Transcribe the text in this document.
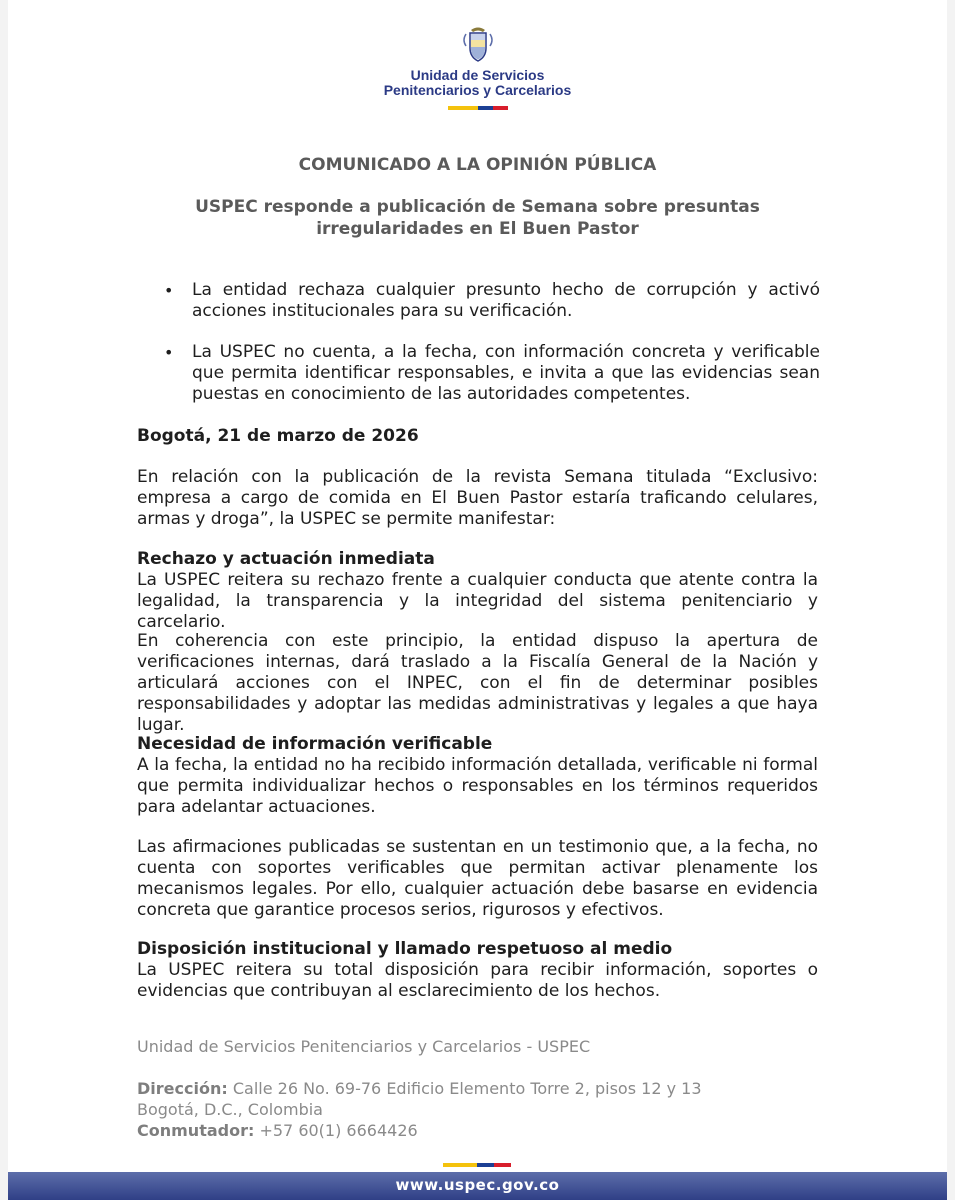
Unidad de Servicios
Penitenciarios y Carcelarios
COMUNICADO A LA OPINIÓN PÚBLICA
USPEC responde a publicación de Semana sobre presuntas irregularidades en El Buen Pastor
• La entidad rechaza cualquier presunto hecho de corrupción y activó acciones institucionales para su verificación.
• La USPEC no cuenta, a la fecha, con información concreta y verificable que permita identificar responsables, e invita a que las evidencias sean puestas en conocimiento de las autoridades competentes.
Bogotá, 21 de marzo de 2026
En relación con la publicación de la revista Semana titulada “Exclusivo: empresa a cargo de comida en El Buen Pastor estaría traficando celulares, armas y droga”, la USPEC se permite manifestar:

Rechazo y actuación inmediata

La USPEC reitera su rechazo frente a cualquier conducta que atente contra la legalidad, la transparencia y la integridad del sistema penitenciario y carcelario.

En coherencia con este principio, la entidad dispuso la apertura de verificaciones internas, dará traslado a la Fiscalía General de la Nación y articulará acciones con el INPEC, con el fin de determinar posibles responsabilidades y adoptar las medidas administrativas y legales a que haya lugar.

Necesidad de información verificable

A la fecha, la entidad no ha recibido información detallada, verificable ni formal que permita individualizar hechos o responsables en los términos requeridos para adelantar actuaciones.

Las afirmaciones publicadas se sustentan en un testimonio que, a la fecha, no cuenta con soportes verificables que permitan activar plenamente los mecanismos legales. Por ello, cualquier actuación debe basarse en evidencia concreta que garantice procesos serios, rigurosos y efectivos.

Disposición institucional y llamado respetuoso al medio

La USPEC reitera su total disposición para recibir información, soportes o evidencias que contribuyan al esclarecimiento de los hechos.

Unidad de Servicios Penitenciarios y Carcelarios - USPEC
Dirección: Calle 26 No. 69-76 Edificio Elemento Torre 2, pisos 12 y 13
Bogotá, D.C., Colombia
Conmutador: +57 60(1) 6664426
www.uspec.gov.co
